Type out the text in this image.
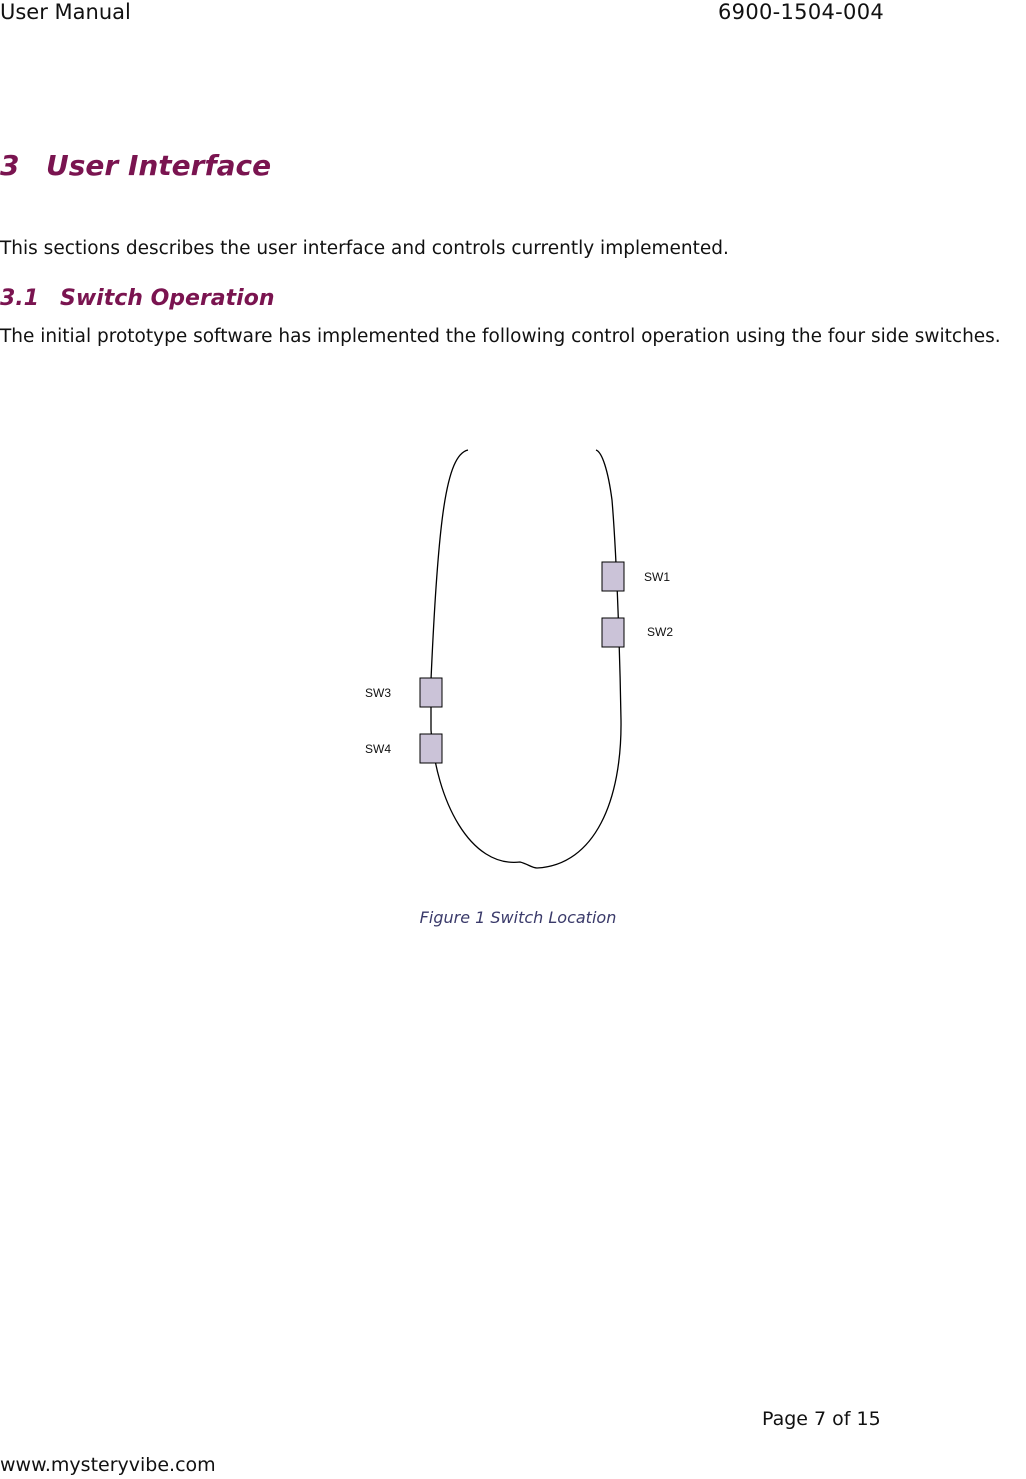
User Manual	6900-1504-004
3 User Interface

This sections describes the user interface and controls currently implemented.

3.1 Switch Operation

The initial prototype software has implemented the following control operation using the four side switches.

SW1
SW2
SW3
SW4
Figure 1 Switch Location
Page 7 of 15
www.mysteryvibe.com
